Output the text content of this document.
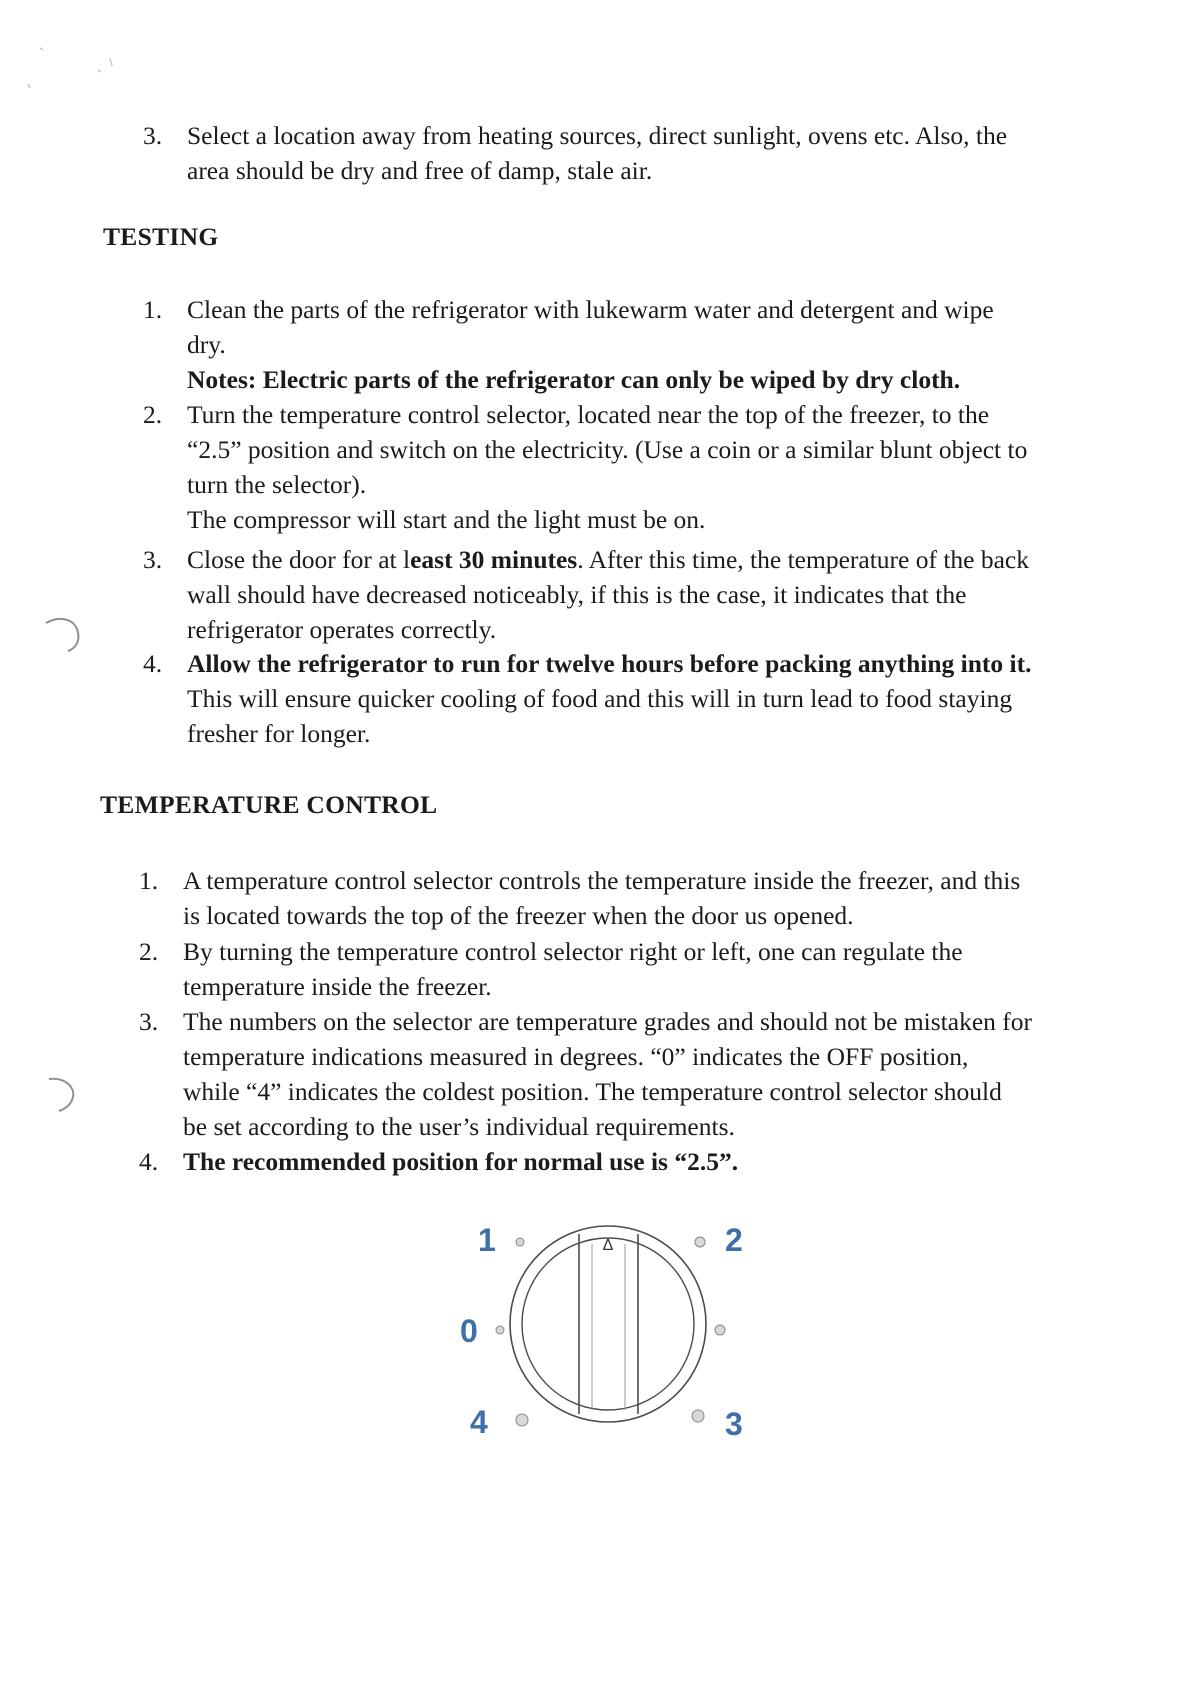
3. Select a location away from heating sources, direct sunlight, ovens etc. Also, the
area should be dry and free of damp, stale air.
TESTING
1. Clean the parts of the refrigerator with lukewarm water and detergent and wipe
dry.
Notes: Electric parts of the refrigerator can only be wiped by dry cloth.
2. Turn the temperature control selector, located near the top of the freezer, to the
“2.5” position and switch on the electricity. (Use a coin or a similar blunt object to
turn the selector).
The compressor will start and the light must be on.
3. Close the door for at least 30 minutes. After this time, the temperature of the back
wall should have decreased noticeably, if this is the case, it indicates that the
refrigerator operates correctly.
4. Allow the refrigerator to run for twelve hours before packing anything into it.
This will ensure quicker cooling of food and this will in turn lead to food staying
fresher for longer.
TEMPERATURE CONTROL
1. A temperature control selector controls the temperature inside the freezer, and this
is located towards the top of the freezer when the door us opened.
2. By turning the temperature control selector right or left, one can regulate the
temperature inside the freezer.
3. The numbers on the selector are temperature grades and should not be mistaken for
temperature indications measured in degrees. “0” indicates the OFF position,
while “4” indicates the coldest position. The temperature control selector should
be set according to the user’s individual requirements.
4. The recommended position for normal use is “2.5”.
Δ
1	2
0
4	3
